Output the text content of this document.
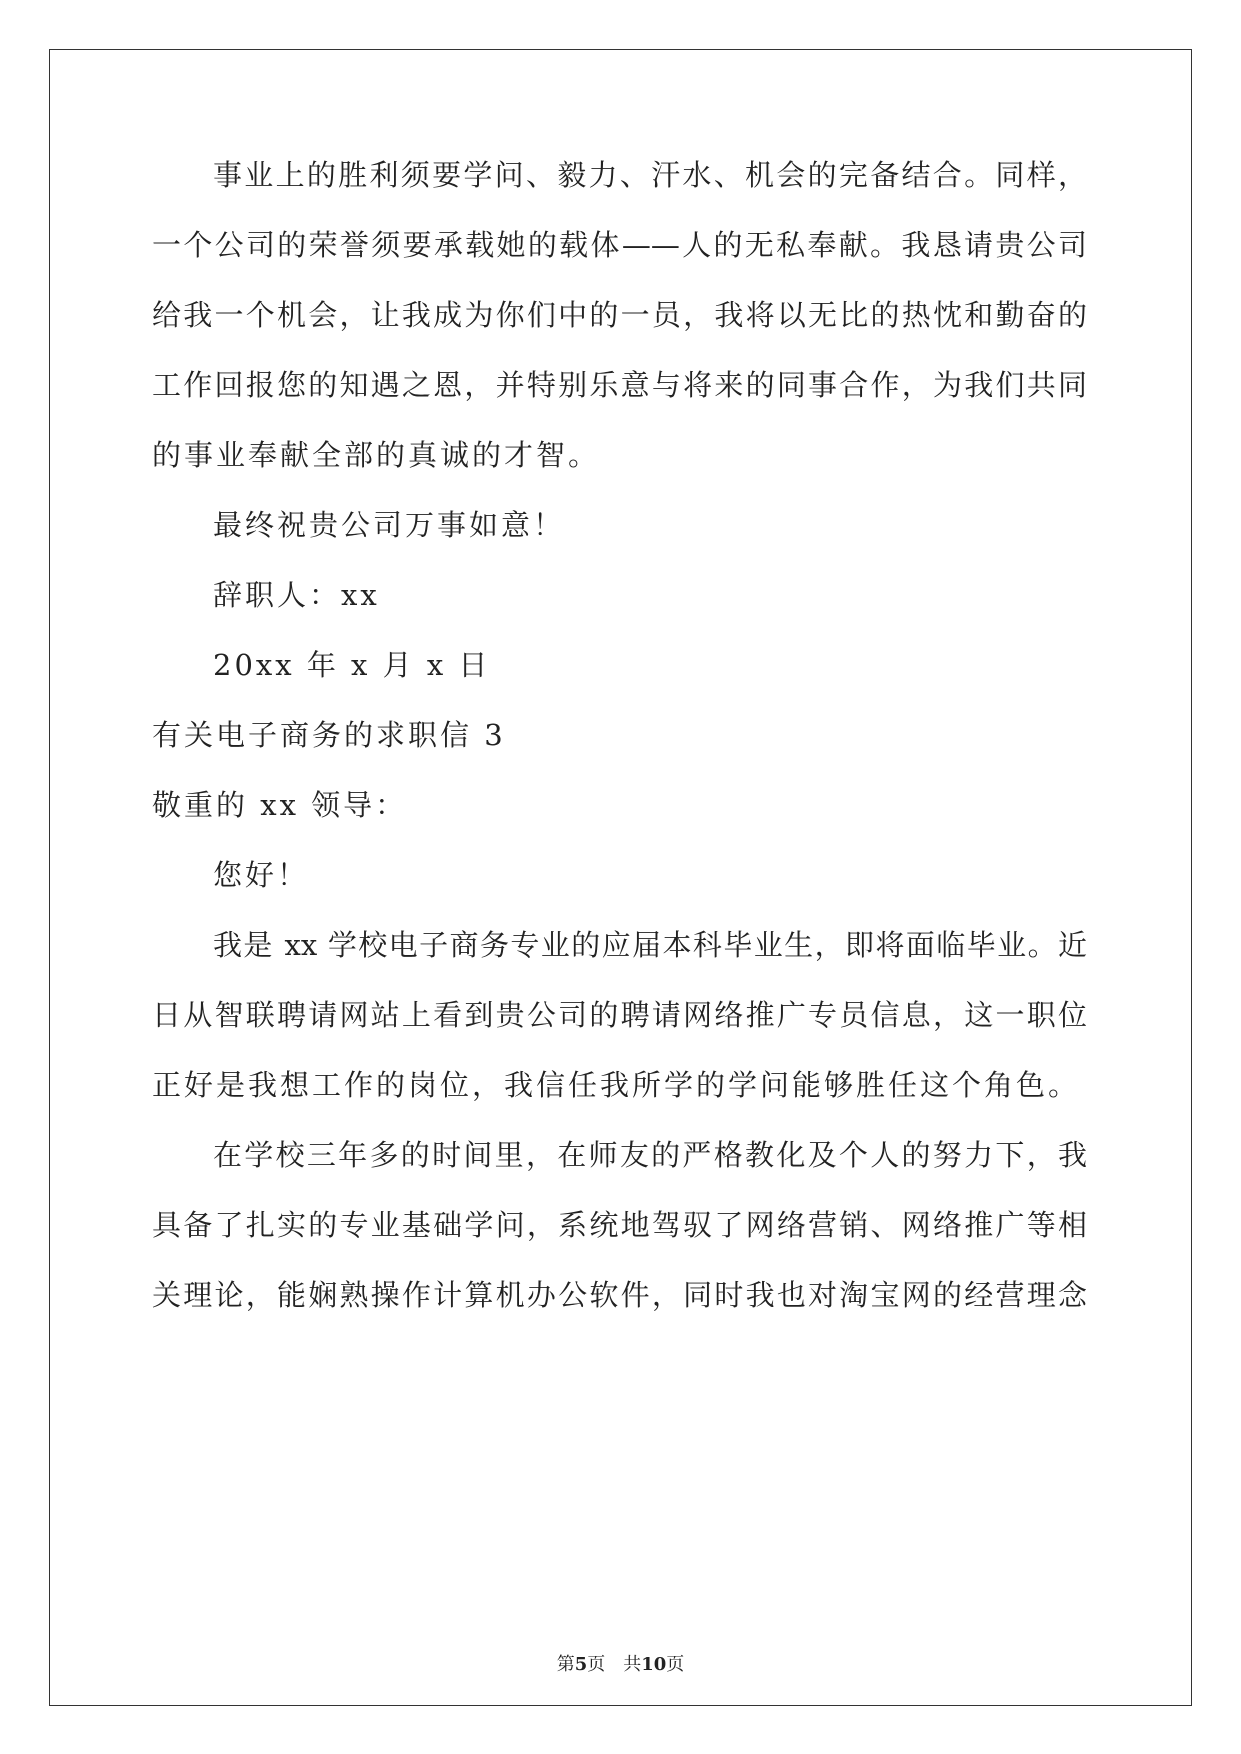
事业上的胜利须要学问、毅力、汗水、机会的完备结合。同样，
一个公司的荣誉须要承载她的载体——人的无私奉献。我恳请贵公司
给我一个机会，让我成为你们中的一员，我将以无比的热忱和勤奋的
工作回报您的知遇之恩，并特别乐意与将来的同事合作，为我们共同
的事业奉献全部的真诚的才智。
最终祝贵公司万事如意！
辞职人：xx
20xx 年 x 月 x 日
有关电子商务的求职信 3
敬重的 xx 领导：
您好！
我是 xx 学校电子商务专业的应届本科毕业生，即将面临毕业。近
日从智联聘请网站上看到贵公司的聘请网络推广专员信息，这一职位
正好是我想工作的岗位，我信任我所学的学问能够胜任这个角色。
在学校三年多的时间里，在师友的严格教化及个人的努力下，我
具备了扎实的专业基础学问，系统地驾驭了网络营销、网络推广等相
关理论，能娴熟操作计算机办公软件，同时我也对淘宝网的经营理念
第5页　共10页
